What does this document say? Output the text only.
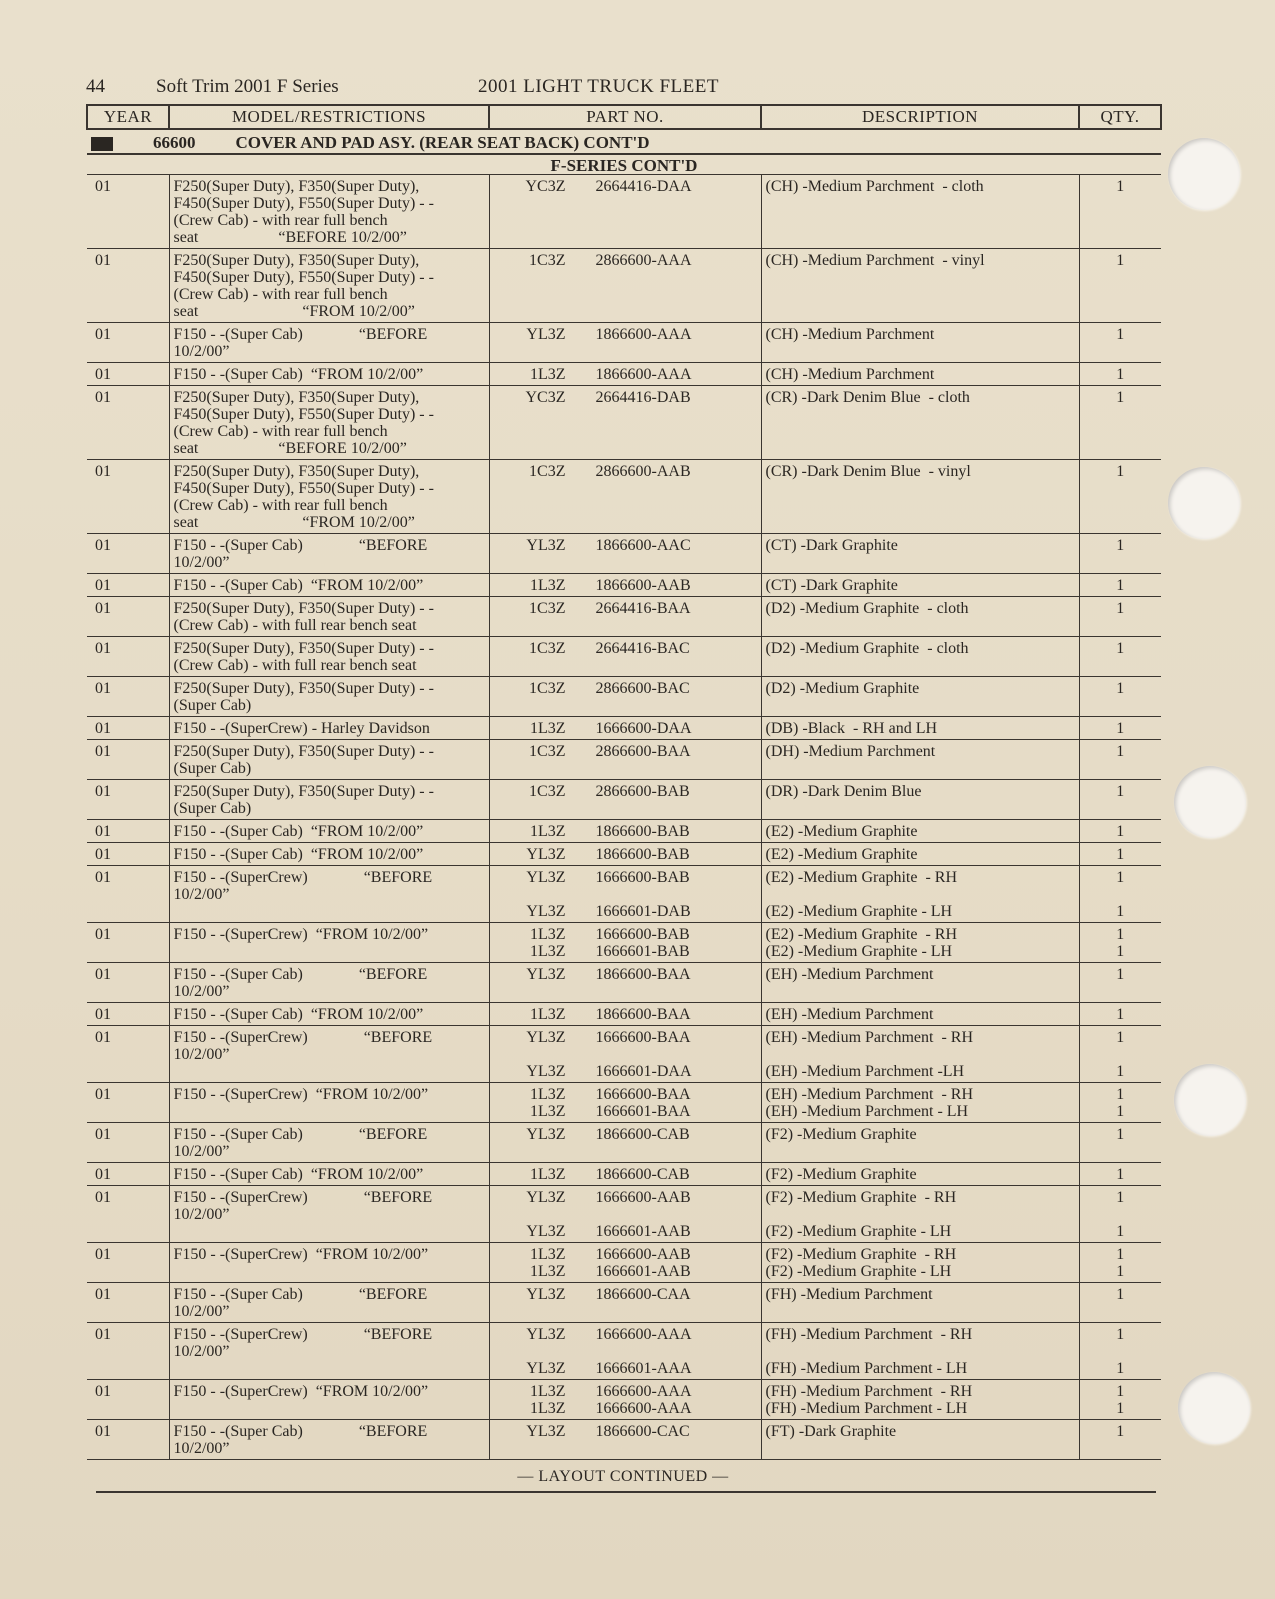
44	Soft Trim 2001 F Series	2001 LIGHT TRUCK FLEET
YEAR	MODEL/RESTRICTIONS	PART NO.	DESCRIPTION	QTY.
66600 COVER AND PAD ASY. (REAR SEAT BACK) CONT'D				
F-SERIES CONT'D				
01	F250(Super Duty), F350(Super Duty),
F450(Super Duty), F550(Super Duty) - -
(Crew Cab) - with rear full bench
seat                    “BEFORE 10/2/00”	YC3Z 2664416-DAA	(CH) -Medium Parchment  - cloth	1

01	F250(Super Duty), F350(Super Duty),
F450(Super Duty), F550(Super Duty) - -
(Crew Cab) - with rear full bench
seat                          “FROM 10/2/00”	1C3Z 2866600-AAA	(CH) -Medium Parchment  - vinyl	1

01	F150 - -(Super Cab)              “BEFORE
10/2/00”	YL3Z 1866600-AAA	(CH) -Medium Parchment	1

01	F150 - -(Super Cab)  “FROM 10/2/00”	1L3Z 1866600-AAA	(CH) -Medium Parchment	1

01	F250(Super Duty), F350(Super Duty),
F450(Super Duty), F550(Super Duty) - -
(Crew Cab) - with rear full bench
seat                    “BEFORE 10/2/00”	YC3Z 2664416-DAB	(CR) -Dark Denim Blue  - cloth	1

01	F250(Super Duty), F350(Super Duty),
F450(Super Duty), F550(Super Duty) - -
(Crew Cab) - with rear full bench
seat                          “FROM 10/2/00”	1C3Z 2866600-AAB	(CR) -Dark Denim Blue  - vinyl	1

01	F150 - -(Super Cab)              “BEFORE
10/2/00”	YL3Z 1866600-AAC	(CT) -Dark Graphite	1

01	F150 - -(Super Cab)  “FROM 10/2/00”	1L3Z 1866600-AAB	(CT) -Dark Graphite	1

01	F250(Super Duty), F350(Super Duty) - -
(Crew Cab) - with full rear bench seat	1C3Z 2664416-BAA	(D2) -Medium Graphite  - cloth	1

01	F250(Super Duty), F350(Super Duty) - -
(Crew Cab) - with full rear bench seat	1C3Z 2664416-BAC	(D2) -Medium Graphite  - cloth	1

01	F250(Super Duty), F350(Super Duty) - -
(Super Cab)	1C3Z 2866600-BAC	(D2) -Medium Graphite	1

01	F150 - -(SuperCrew) - Harley Davidson	1L3Z 1666600-DAA	(DB) -Black  - RH and LH	1

01	F250(Super Duty), F350(Super Duty) - -
(Super Cab)	1C3Z 2866600-BAA	(DH) -Medium Parchment	1

01	F250(Super Duty), F350(Super Duty) - -
(Super Cab)	1C3Z 2866600-BAB	(DR) -Dark Denim Blue	1

01	F150 - -(Super Cab)  “FROM 10/2/00”	1L3Z 1866600-BAB	(E2) -Medium Graphite	1

01	F150 - -(Super Cab)  “FROM 10/2/00”	YL3Z 1866600-BAB	(E2) -Medium Graphite	1

01	F150 - -(SuperCrew)              “BEFORE
10/2/00”	YL3Z 1666600-BAB
YL3Z 1666601-DAB	(E2) -Medium Graphite  - RH
(E2) -Medium Graphite - LH	1
1

01	F150 - -(SuperCrew)  “FROM 10/2/00”	1L3Z 1666600-BAB
1L3Z 1666601-BAB	(E2) -Medium Graphite  - RH
(E2) -Medium Graphite - LH	1
1

01	F150 - -(Super Cab)              “BEFORE
10/2/00”	YL3Z 1866600-BAA	(EH) -Medium Parchment	1

01	F150 - -(Super Cab)  “FROM 10/2/00”	1L3Z 1866600-BAA	(EH) -Medium Parchment	1

01	F150 - -(SuperCrew)              “BEFORE
10/2/00”	YL3Z 1666600-BAA
YL3Z 1666601-DAA	(EH) -Medium Parchment  - RH
(EH) -Medium Parchment -LH	1
1

01	F150 - -(SuperCrew)  “FROM 10/2/00”	1L3Z 1666600-BAA
1L3Z 1666601-BAA	(EH) -Medium Parchment  - RH
(EH) -Medium Parchment - LH	1
1

01	F150 - -(Super Cab)              “BEFORE
10/2/00”	YL3Z 1866600-CAB	(F2) -Medium Graphite	1

01	F150 - -(Super Cab)  “FROM 10/2/00”	1L3Z 1866600-CAB	(F2) -Medium Graphite	1

01	F150 - -(SuperCrew)              “BEFORE
10/2/00”	YL3Z 1666600-AAB
YL3Z 1666601-AAB	(F2) -Medium Graphite  - RH
(F2) -Medium Graphite - LH	1
1

01	F150 - -(SuperCrew)  “FROM 10/2/00”	1L3Z 1666600-AAB
1L3Z 1666601-AAB	(F2) -Medium Graphite  - RH
(F2) -Medium Graphite - LH	1
1

01	F150 - -(Super Cab)              “BEFORE
10/2/00”	YL3Z 1866600-CAA	(FH) -Medium Parchment	1

01	F150 - -(SuperCrew)              “BEFORE
10/2/00”	YL3Z 1666600-AAA
YL3Z 1666601-AAA	(FH) -Medium Parchment  - RH
(FH) -Medium Parchment - LH	1
1

01	F150 - -(SuperCrew)  “FROM 10/2/00”	1L3Z 1666600-AAA
1L3Z 1666600-AAA	(FH) -Medium Parchment  - RH
(FH) -Medium Parchment - LH	1
1

01	F150 - -(Super Cab)              “BEFORE
10/2/00”	YL3Z 1866600-CAC	(FT) -Dark Graphite	1
— LAYOUT CONTINUED —
